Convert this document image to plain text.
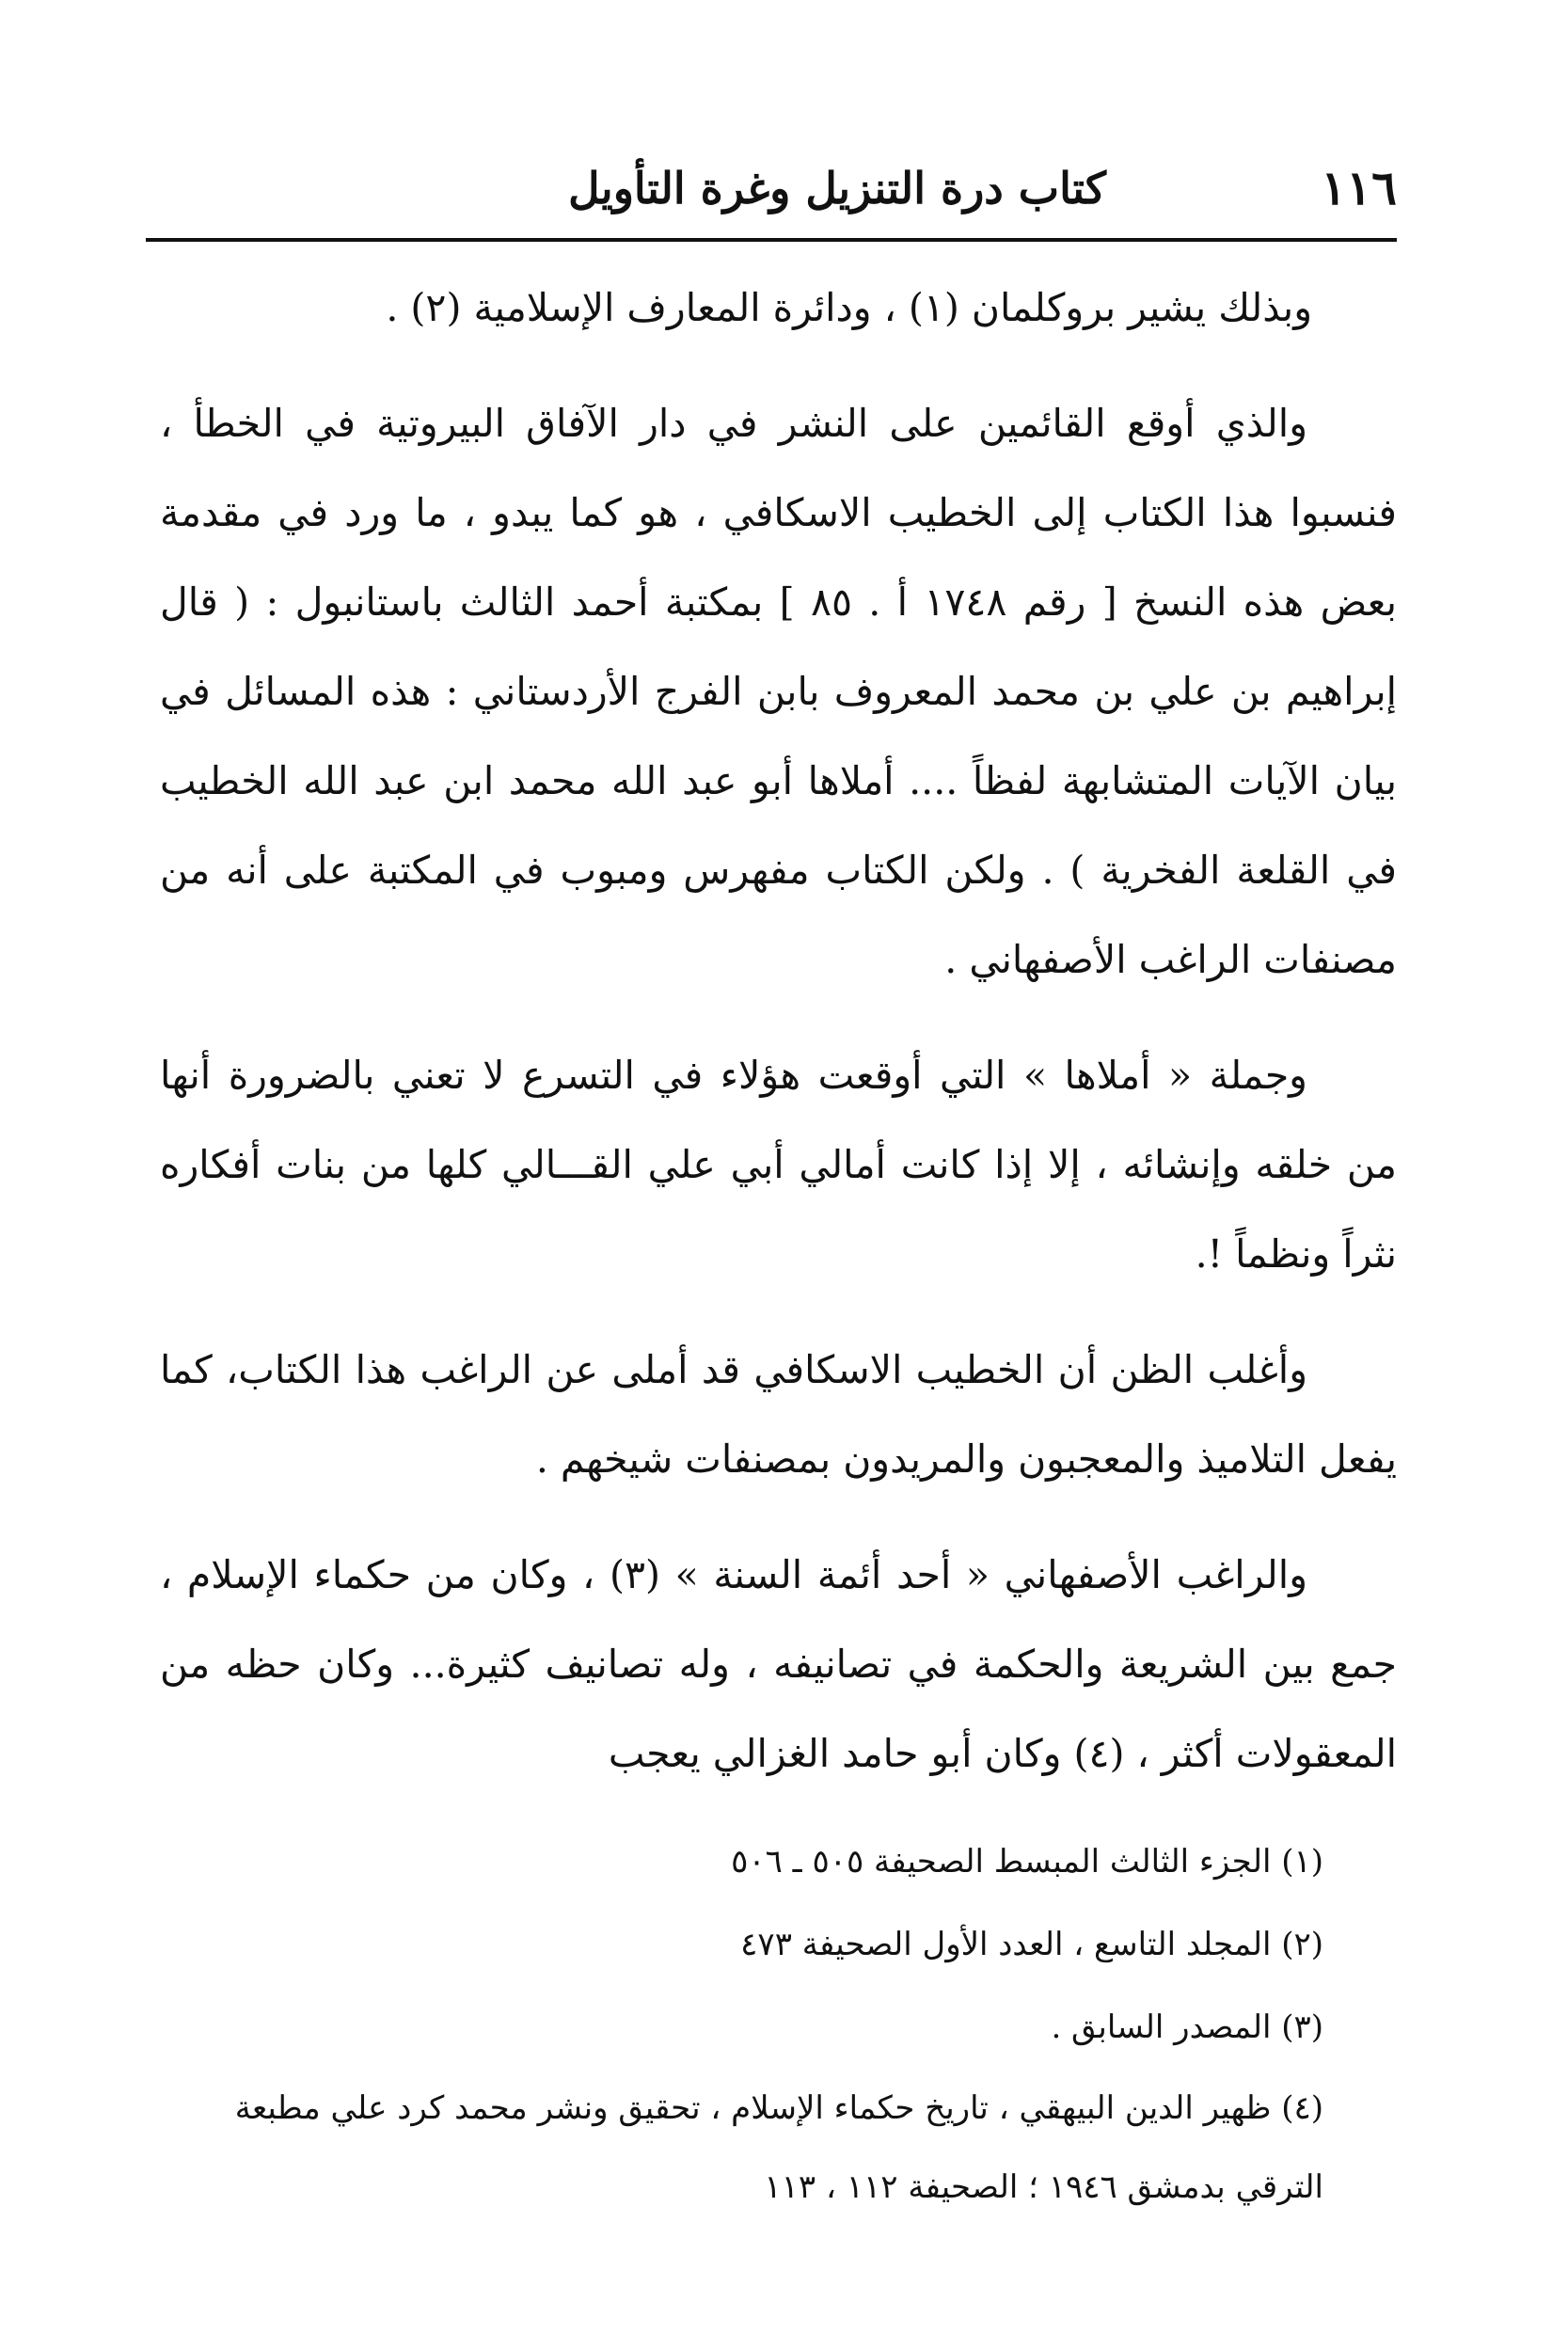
١١٦
كتاب درة التنزيل وغرة التأويل

وبذلك يشير بروكلمان (١) ، ودائرة المعارف الإسلامية (٢) .

والذي أوقع القائمين على النشر في دار الآفاق البيروتية في الخطأ ، فنسبوا هذا الكتاب إلى الخطيب الاسكافي ، هو كما يبدو ، ما ورد في مقدمة بعض هذه النسخ [ رقم ١٧٤٨ أ . ٨٥ ] بمكتبة أحمد الثالث باستانبول : ( قال إبراهيم بن علي بن محمد المعروف بابن الفرج الأردستاني : هذه المسائل في بيان الآيات المتشابهة لفظاً .... أملاها أبو عبد الله محمد ابن عبد الله الخطيب في القلعة الفخرية ) . ولكن الكتاب مفهرس ومبوب في المكتبة على أنه من مصنفات الراغب الأصفهاني .

وجملة « أملاها » التي أوقعت هؤلاء في التسرع لا تعني بالضرورة أنها من خلقه وإنشائه ، إلا إذا كانت أمالي أبي علي القـــالي كلها من بنات أفكاره نثراً ونظماً !.

وأغلب الظن أن الخطيب الاسكافي قد أملى عن الراغب هذا الكتاب، كما يفعل التلاميذ والمعجبون والمريدون بمصنفات شيخهم .

والراغب الأصفهاني « أحد أئمة السنة » (٣) ، وكان من حكماء الإسلام ، جمع بين الشريعة والحكمة في تصانيفه ، وله تصانيف كثيرة... وكان حظه من المعقولات أكثر ، (٤) وكان أبو حامد الغزالي يعجب

(١) الجزء الثالث المبسط الصحيفة ٥٠٥ ـ ٥٠٦

(٢) المجلد التاسع ، العدد الأول الصحيفة ٤٧٣

(٣) المصدر السابق .

(٤) ظهير الدين البيهقي ، تاريخ حكماء الإسلام ، تحقيق ونشر محمد كرد علي مطبعة الترقي بدمشق ١٩٤٦ ؛ الصحيفة ١١٢ ، ١١٣
